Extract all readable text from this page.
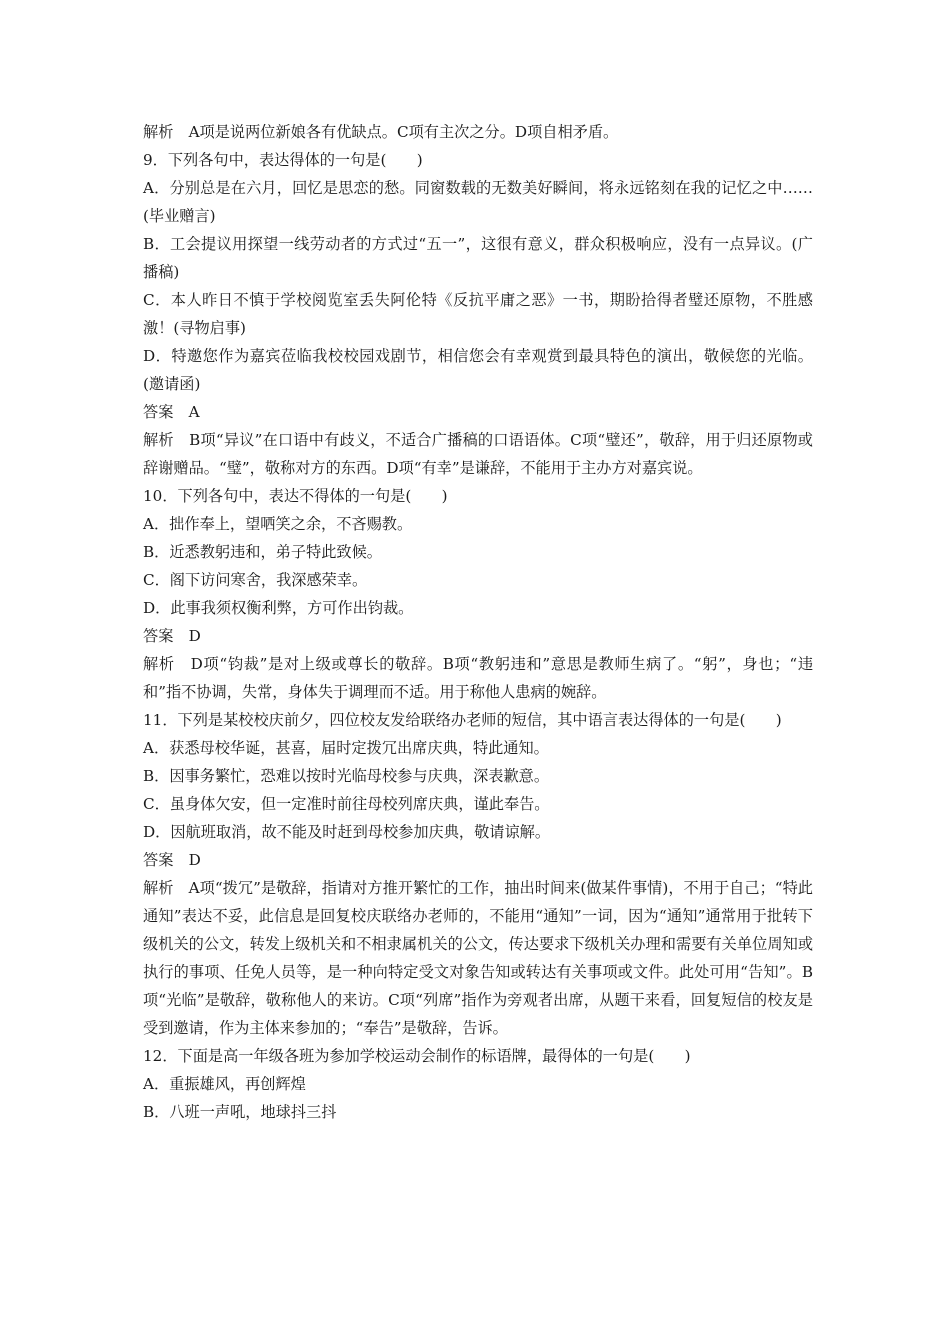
解析　A项是说两位新娘各有优缺点。C项有主次之分。D项自相矛盾。

9．下列各句中，表达得体的一句是(　　)

A．分别总是在六月，回忆是思恋的愁。同窗数载的无数美好瞬间，将永远铭刻在我的记忆之中……(毕业赠言)

B．工会提议用探望一线劳动者的方式过“五一”，这很有意义，群众积极响应，没有一点异议。(广播稿)

C．本人昨日不慎于学校阅览室丢失阿伦特《反抗平庸之恶》一书，期盼拾得者璧还原物，不胜感激！(寻物启事)

D．特邀您作为嘉宾莅临我校校园戏剧节，相信您会有幸观赏到最具特色的演出，敬候您的光临。(邀请函)

答案　A

解析　B项“异议”在口语中有歧义，不适合广播稿的口语语体。C项“璧还”，敬辞，用于归还原物或辞谢赠品。“璧”，敬称对方的东西。D项“有幸”是谦辞，不能用于主办方对嘉宾说。

10．下列各句中，表达不得体的一句是(　　)

A．拙作奉上，望哂笑之余，不吝赐教。

B．近悉教躬违和，弟子特此致候。

C．阁下访问寒舍，我深感荣幸。

D．此事我须权衡利弊，方可作出钧裁。

答案　D

解析　D项“钧裁”是对上级或尊长的敬辞。B项“教躬违和”意思是教师生病了。“躬”，身也；“违和”指不协调，失常，身体失于调理而不适。用于称他人患病的婉辞。

11．下列是某校校庆前夕，四位校友发给联络办老师的短信，其中语言表达得体的一句是(　　)

A．获悉母校华诞，甚喜，届时定拨冗出席庆典，特此通知。

B．因事务繁忙，恐难以按时光临母校参与庆典，深表歉意。

C．虽身体欠安，但一定准时前往母校列席庆典，谨此奉告。

D．因航班取消，故不能及时赶到母校参加庆典，敬请谅解。

答案　D

解析　A项“拨冗”是敬辞，指请对方推开繁忙的工作，抽出时间来(做某件事情)，不用于自己；“特此通知”表达不妥，此信息是回复校庆联络办老师的，不能用“通知”一词，因为“通知”通常用于批转下级机关的公文，转发上级机关和不相隶属机关的公文，传达要求下级机关办理和需要有关单位周知或执行的事项、任免人员等，是一种向特定受文对象告知或转达有关事项或文件。此处可用“告知”。B项“光临”是敬辞，敬称他人的来访。C项“列席”指作为旁观者出席，从题干来看，回复短信的校友是受到邀请，作为主体来参加的；“奉告”是敬辞，告诉。

12．下面是高一年级各班为参加学校运动会制作的标语牌，最得体的一句是(　　)

A．重振雄风，再创辉煌

B．八班一声吼，地球抖三抖
